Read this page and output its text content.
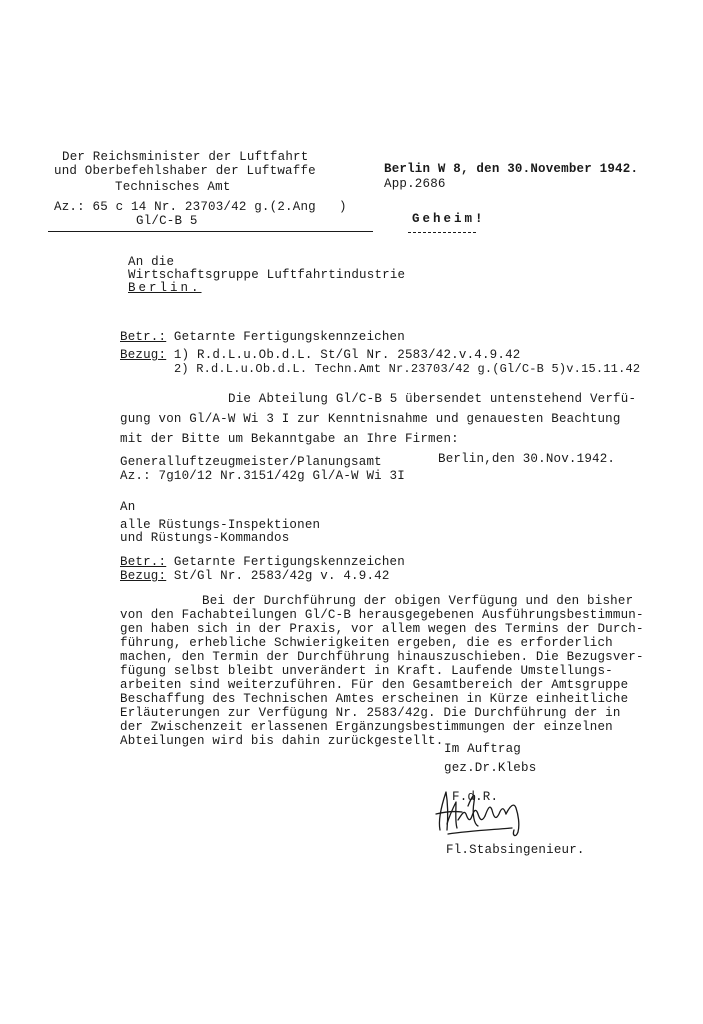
Der Reichsminister der Luftfahrt
und Oberbefehlshaber der Luftwaffe
Technisches Amt
Az.: 65 c 14 Nr. 23703/42 g.(2.Ang   )
Gl/C-B 5
Berlin W 8, den 30.November 1942.
App.2686
Geheim!
An die
Wirtschaftsgruppe Luftfahrtindustrie
Berlin.
Betr.: Getarnte Fertigungskennzeichen
Bezug: 1) R.d.L.u.Ob.d.L. St/Gl Nr. 2583/42.v.4.9.42
2) R.d.L.u.Ob.d.L. Techn.Amt Nr.23703/42 g.(Gl/C-B 5)v.15.11.42
Die Abteilung Gl/C-B 5 übersendet untenstehend Verfü-
gung von Gl/A-W Wi 3 I zur Kenntnisnahme und genauesten Beachtung
mit der Bitte um Bekanntgabe an Ihre Firmen:
Generalluftzeugmeister/Planungsamt	Berlin,den 30.Nov.1942.
Az.: 7g10/12 Nr.3151/42g Gl/A-W Wi 3I
An
alle Rüstungs-Inspektionen
und Rüstungs-Kommandos
Betr.: Getarnte Fertigungskennzeichen
Bezug: St/Gl Nr. 2583/42g v. 4.9.42
Bei der Durchführung der obigen Verfügung und den bisher
von den Fachabteilungen Gl/C-B herausgegebenen Ausführungsbestimmun-
gen haben sich in der Praxis, vor allem wegen des Termins der Durch-
führung, erhebliche Schwierigkeiten ergeben, die es erforderlich
machen, den Termin der Durchführung hinauszuschieben. Die Bezugsver-
fügung selbst bleibt unverändert in Kraft. Laufende Umstellungs-
arbeiten sind weiterzuführen. Für den Gesamtbereich der Amtsgruppe
Beschaffung des Technischen Amtes erscheinen in Kürze einheitliche
Erläuterungen zur Verfügung Nr. 2583/42g. Die Durchführung der in
der Zwischenzeit erlassenen Ergänzungsbestimmungen der einzelnen
Abteilungen wird bis dahin zurückgestellt.
Im Auftrag
gez.Dr.Klebs
F.d.R.
Fl.Stabsingenieur.
